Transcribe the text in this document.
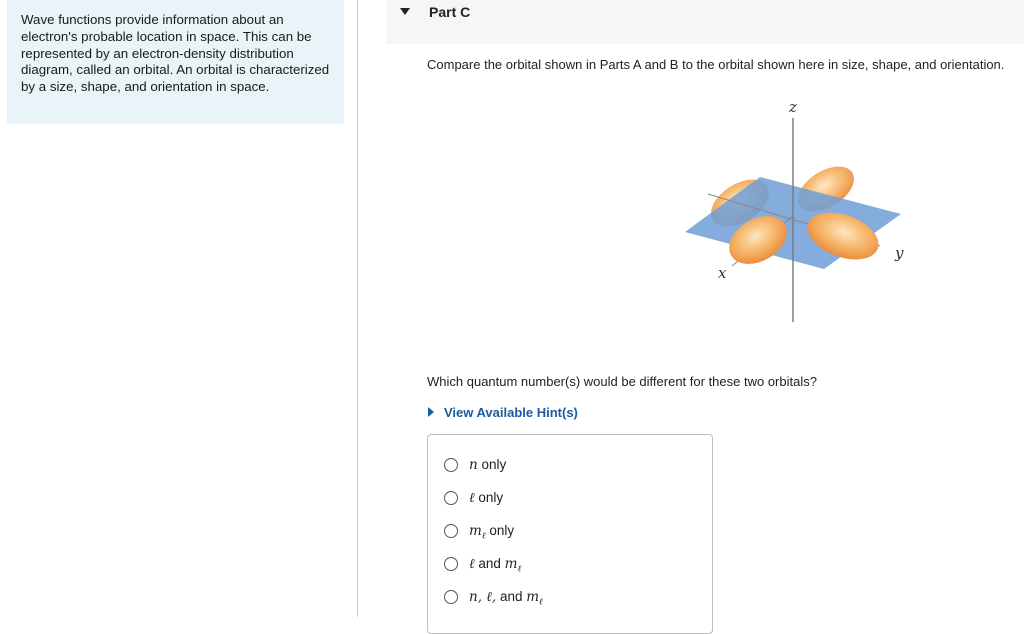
Wave functions provide information about an electron's probable location in space. This can be represented by an electron-density distribution diagram, called an orbital. An orbital is characterized by a size, shape, and orientation in space.
Part C
Compare the orbital shown in Parts A and B to the orbital shown here in size, shape, and orientation.
z
x
y
Which quantum number(s) would be different for these two orbitals?
View Available Hint(s)
n only
ℓ only
$m_\ell$ only
ℓ and $m_\ell$
n, ℓ, and $m_\ell$
